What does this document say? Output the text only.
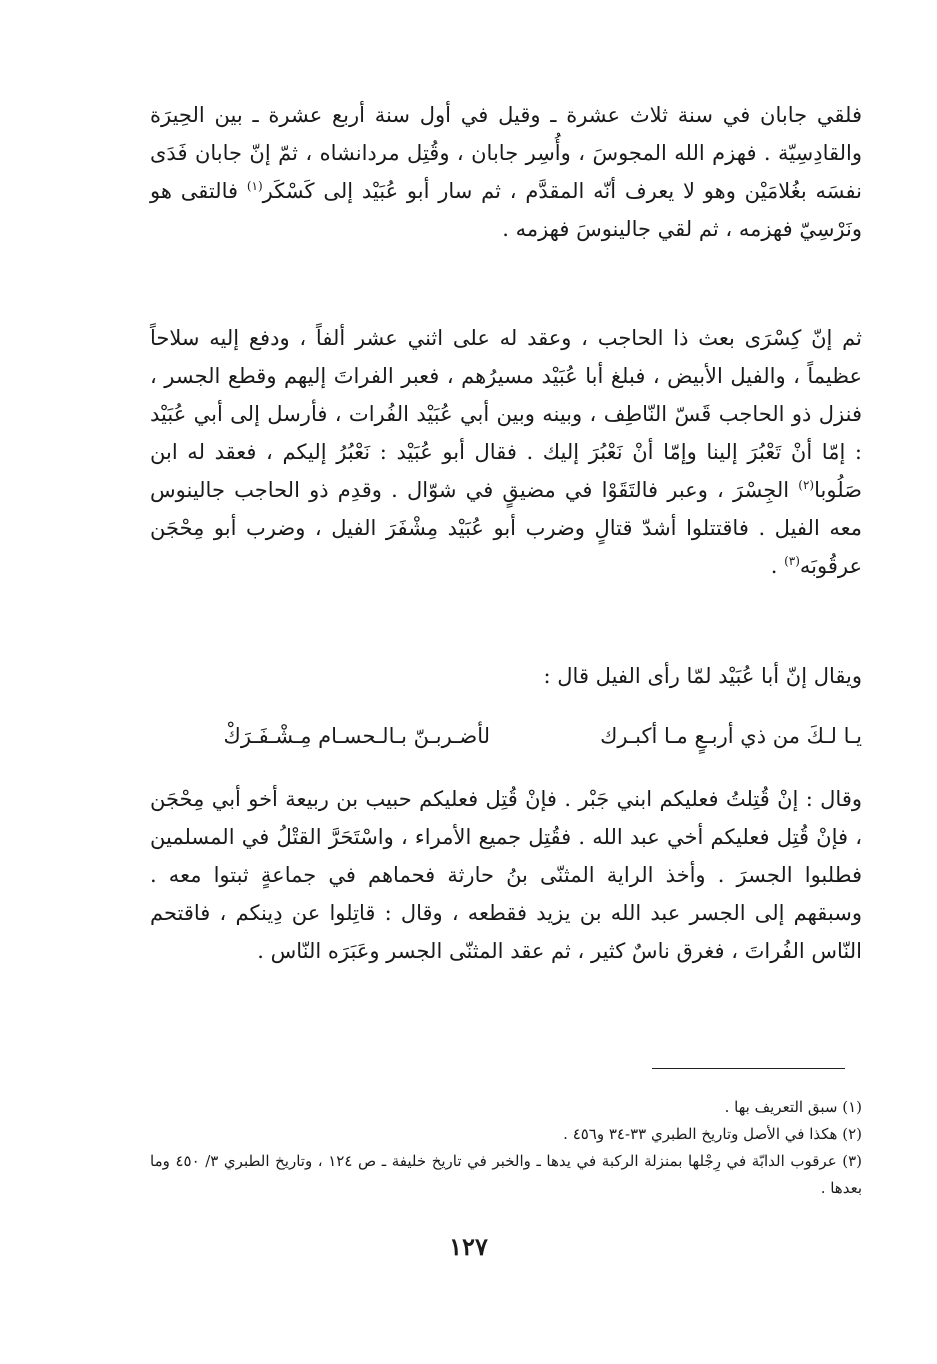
فلقي جابان في سنة ثلاث عشرة ـ وقيل في أول سنة أربع عشرة ـ بين الحِيرَة والقادِسِيّة . فهزم الله المجوسَ ، وأُسِر جابان ، وقُتِل مردانشاه ، ثمّ إنّ جابان فَدَى نفسَه بغُلامَيْن وهو لا يعرف أنّه المقدَّم ، ثم سار أبو عُبَيْد إلى كَسْكَر$^{(١)}$ فالتقى هو ونَرْسِيّ فهزمه ، ثم لقي جالينوسَ فهزمه .

ثم إنّ كِسْرَى بعث ذا الحاجب ، وعقد له على اثني عشر ألفاً ، ودفع إليه سلاحاً عظيماً ، والفيل الأبيض ، فبلغ أبا عُبَيْد مسيرُهم ، فعبر الفراتَ إليهم وقطع الجسر ، فنزل ذو الحاجب قَسّ النّاطِف ، وبينه وبين أبي عُبَيْد الفُرات ، فأرسل إلى أبي عُبَيْد : إمّا أنْ تَعْبُرَ إلينا وإمّا أنْ نَعْبُرَ إليك . فقال أبو عُبَيْد : نَعْبُرُ إليكم ، فعقد له ابن صَلُوبا$^{(٢)}$ الجِسْرَ ، وعبر فالتَقَوْا في مضيقٍ في شوّال . وقدِم ذو الحاجب جالينوس معه الفيل . فاقتتلوا أشدّ قتالٍ وضرب أبو عُبَيْد مِشْفَرَ الفيل ، وضرب أبو مِحْجَن عرقُوبَه$^{(٣)}$ .

ويقال إنّ أبا عُبَيْد لمّا رأى الفيل قال :

يـا لـكَ من ذي أربـعٍ مـا أكبـرك
لأضـربـنّ بـالـحسـام مِـشْـفَـرَكْ

وقال : إنْ قُتِلتُ فعليكم ابني جَبْر . فإنْ قُتِل فعليكم حبيب بن ربيعة أخو أبي مِحْجَن ، فإنْ قُتِل فعليكم أخي عبد الله . فقُتِل جميع الأمراء ، واسْتَحَرَّ القتْلُ في المسلمين فطلبوا الجسرَ . وأخذ الراية المثنّى بنُ حارثة فحماهم في جماعةٍ ثبتوا معه . وسبقهم إلى الجسر عبد الله بن يزيد فقطعه ، وقال : قاتِلوا عن دِينكم ، فاقتحم النّاس الفُراتَ ، فغرق ناسٌ كثير ، ثم عقد المثنّى الجسر وعَبَرَه النّاس .

(١) سبق التعريف بها .

(٢) هكذا في الأصل وتاريخ الطبري ٣٣-٣٤ و٤٥٦ .

(٣) عرقوب الدابّة في رِجْلها بمنزلة الركبة في يدها ـ والخبر في تاريخ خليفة ـ ص ١٢٤ ، وتاريخ الطبري ٣/ ٤٥٠ وما بعدها .

١٢٧
